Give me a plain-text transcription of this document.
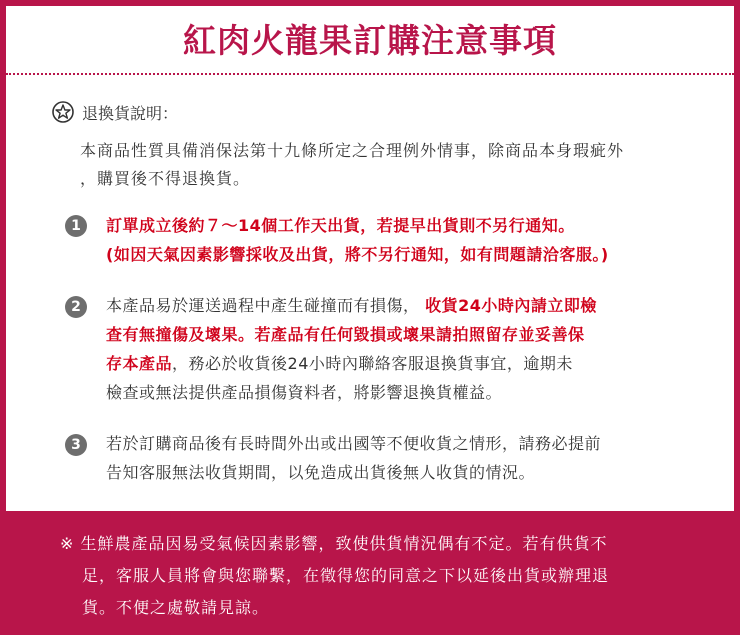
紅肉火龍果訂購注意事項
退換貨說明：
本商品性質具備消保法第十九條所定之合理例外情事，除商品本身瑕疵外
，購買後不得退換貨。
1	訂單成立後約７～14個工作天出貨，若提早出貨則不另行通知。
(如因天氣因素影響採收及出貨，將不另行通知，如有問題請洽客服。)
2	本產品易於運送過程中產生碰撞而有損傷， 收貨24小時內請立即檢
查有無撞傷及壞果。若產品有任何毀損或壞果請拍照留存並妥善保
存本產品，務必於收貨後24小時內聯絡客服退換貨事宜，逾期未
檢查或無法提供產品損傷資料者，將影響退換貨權益。
3	若於訂購商品後有長時間外出或出國等不便收貨之情形，請務必提前
告知客服無法收貨期間，以免造成出貨後無人收貨的情況。
※ 生鮮農產品因易受氣候因素影響，致使供貨情況偶有不定。若有供貨不
足，客服人員將會與您聯繫，在徵得您的同意之下以延後出貨或辦理退
貨。不便之處敬請見諒。
